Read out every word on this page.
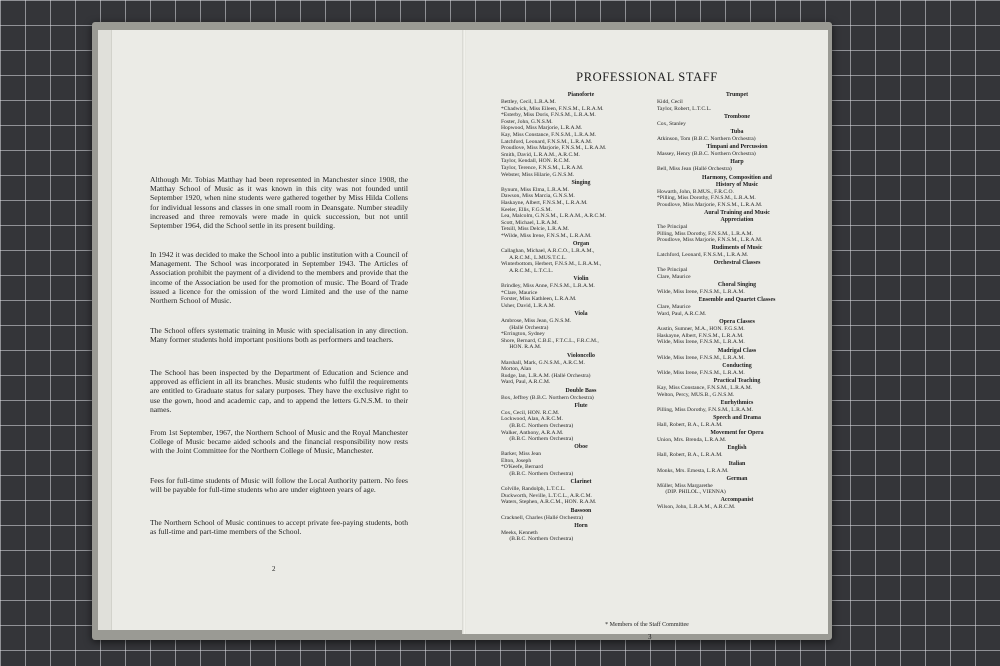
Although Mr. Tobias Matthay had been represented in Manchester since 1908, the Matthay School of Music as it was known in this city was not founded until September 1920, when nine students were gathered together by Miss Hilda Collens for individual lessons and classes in one small room in Deansgate. Number steadily increased and three removals were made in quick succession, but not until September 1964, did the School settle in its present building.

In 1942 it was decided to make the School into a public institution with a Council of Management. The School was incorporated in September 1943. The Articles of Association prohibit the payment of a dividend to the members and provide that the income of the Association be used for the promotion of music. The Board of Trade issued a licence for the omission of the word Limited and the use of the name Northern School of Music.

The School offers systematic training in Music with specialisation in any direction. Many former students hold important positions both as performers and teachers.

The School has been inspected by the Department of Education and Science and approved as efficient in all its branches. Music students who fulfil the requirements are entitled to Graduate status for salary purposes. They have the exclusive right to use the gown, hood and academic cap, and to append the letters G.N.S.M. to their names.

From 1st September, 1967, the Northern School of Music and the Royal Manchester College of Music became aided schools and the financial responsibility now rests with the Joint Committee for the Northern College of Music, Manchester.

Fees for full-time students of Music will follow the Local Authority pattern. No fees will be payable for full-time students who are under eighteen years of age.

The Northern School of Music continues to accept private fee-paying students, both as full-time and part-time members of the School.

2
PROFESSIONAL STAFF
Pianoforte
Bettley, Cecil, L.R.A.M.
*Chadwick, Miss Eileen, F.N.S.M., L.R.A.M.
*Esterby, Miss Doris, F.N.S.M., L.R.A.M.
Foster, John, G.N.S.M.
Hopwood, Miss Marjorie, L.R.A.M.
Kay, Miss Constance, F.N.S.M., L.R.A.M.
Latchford, Leonard, F.N.S.M., L.R.A.M.
Proudlove, Miss Marjorie, F.N.S.M., L.R.A.M.
Smith, David, L.R.A.M., A.R.C.M.
Taylor, Kendall, HON. R.C.M.
Taylor, Terence, F.N.S.M., L.R.A.M.
Webster, Miss Hilarie, G.N.S.M.
Singing
Bynum, Miss Elma, L.R.A.M.
Dawson, Miss Marcia, G.N.S.M.
Haskayne, Albert, F.N.S.M., L.R.A.M.
Keeler, Ellis, F.G.S.M.
Lea, Malcolm, G.N.S.M., L.R.A.M., A.R.C.M.
Scott, Michael, L.R.A.M.
Tetsill, Miss Delcie, L.R.A.M.
*Wilde, Miss Irene, F.N.S.M., L.R.A.M.
Organ
Callaghan, Michael, A.R.C.O., L.R.A.M.,
A.R.C.M., L.MUS.T.C.L.
Winterbottom, Herbert, F.N.S.M., L.R.A.M.,
A.R.C.M., L.T.C.L.
Violin
Brindley, Miss Anne, F.N.S.M., L.R.A.M.
*Clare, Maurice
Forster, Miss Kathleen, L.R.A.M.
Usher, David, L.R.A.M.
Viola
Ambrose, Miss Jean, G.N.S.M.
(Hallé Orchestra)
*Errington, Sydney
Shore, Bernard, C.B.E., F.T.C.L., F.R.C.M.,
HON. R.A.M.
Violoncello
Marshall, Mark, G.N.S.M., A.R.C.M.
Morton, Alan
Rudge, Ian, L.R.A.M. (Hallé Orchestra)
Ward, Paul, A.R.C.M.
Double Bass
Box, Jeffrey (B.B.C. Northern Orchestra)
Flute
Cox, Cecil, HON. R.C.M.
Lockwood, Alan, A.R.C.M.
(B.B.C. Northern Orchestra)
Walker, Anthony, A.R.A.M.
(B.B.C. Northern Orchestra)
Oboe
Barker, Miss Jean
Elton, Joseph
*O'Keefe, Bernard
(B.B.C. Northern Orchestra)
Clarinet
Colville, Randolph, L.T.C.L.
Duckworth, Neville, L.T.C.L., A.R.C.M.
Waters, Stephen, A.R.C.M., HON. R.A.M.
Bassoon
Cracknell, Charles (Hallé Orchestra)
Horn
Meeks, Kenneth
(B.B.C. Northern Orchestra)
Trumpet
Kidd, Cecil
Taylor, Robert, L.T.C.L.
Trombone
Cox, Stanley
Tuba
Atkinson, Tom (B.B.C. Northern Orchestra)
Timpani and Percussion
Massey, Henry (B.B.C. Northern Orchestra)
Harp
Bell, Miss Jean (Hallé Orchestra)
Harmony, Composition and
History of Music
Howarth, John, B.MUS., F.R.C.O.
*Pilling, Miss Dorothy, F.N.S.M., L.R.A.M.
Proudlove, Miss Marjorie, F.N.S.M., L.R.A.M.
Aural Training and Music
Appreciation
The Principal
Pilling, Miss Dorothy, F.N.S.M., L.R.A.M.
Proudlove, Miss Marjorie, F.N.S.M., L.R.A.M.
Rudiments of Music
Latchford, Leonard, F.N.S.M., L.R.A.M.
Orchestral Classes
The Principal
Clare, Maurice
Choral Singing
Wilde, Miss Irene, F.N.S.M., L.R.A.M.
Ensemble and Quartet Classes
Clare, Maurice
Ward, Paul, A.R.C.M.
Opera Classes
Austin, Sumner, M.A., HON. F.G.S.M.
Haskayne, Albert, F.N.S.M., L.R.A.M.
Wilde, Miss Irene, F.N.S.M., L.R.A.M.
Madrigal Class
Wilde, Miss Irene, F.N.S.M., L.R.A.M.
Conducting
Wilde, Miss Irene, F.N.S.M., L.R.A.M.
Practical Teaching
Kay, Miss Constance, F.N.S.M., L.R.A.M.
Welton, Percy, MUS.B., G.N.S.M.
Eurhythmics
Pilling, Miss Dorothy, F.N.S.M., L.R.A.M.
Speech and Drama
Hall, Robert, B.A., L.R.A.M.
Movement for Opera
Union, Mrs. Brenda, L.R.A.M.
English
Hall, Robert, B.A., L.R.A.M.
Italian
Monks, Mrs. Ernesta, L.R.A.M.
German
Müller, Miss Margarethe
(DIP. PHILOL., VIENNA)
Accompanist
Wilson, John, L.R.A.M., A.R.C.M.
* Members of the Staff Committee
3
